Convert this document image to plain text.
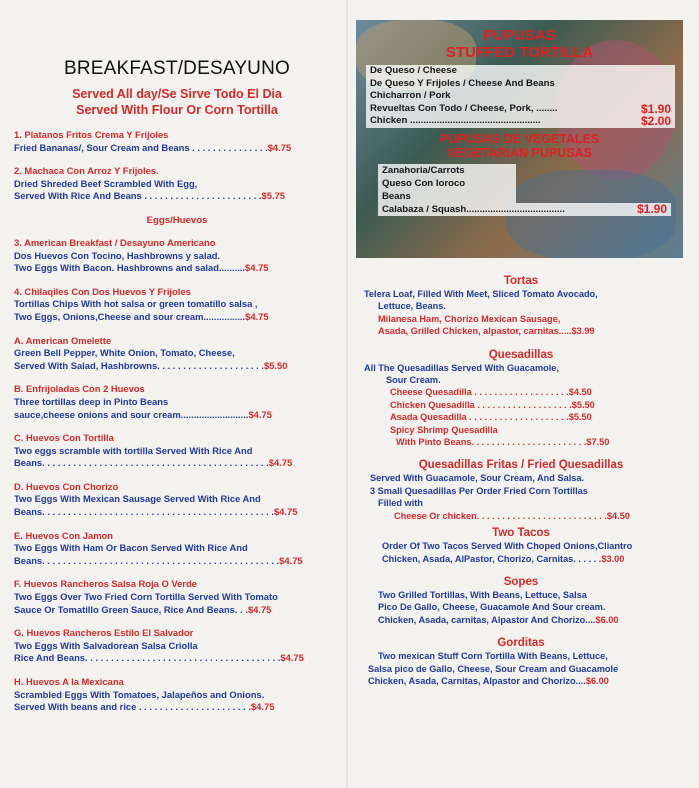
BREAKFAST/DESAYUNO
Served All day/Se Sirve Todo El Dia
Served With Flour Or Corn Tortilla
1. Platanos Fritos Crema Y Frijoles
Fried Bananas/, Sour Cream and Beans . . . . . . . . . . . . . . .$4.75
2. Machaca Con Arroz Y Frijoles.
Dried Shreded Beef Scrambled With Egg,
Served With Rice And Beans . . . . . . . . . . . . . . . . . . . . . . .$5.75
Eggs/Huevos
3. American Breakfast / Desayuno Americano
Dos Huevos Con Tocino, Hashbrowns y salad.
Two Eggs With Bacon. Hashbrowns and salad..........$4.75
4. Chilaqiles Con Dos Huevos Y Frijoles
Tortillas Chips With hot salsa or green tomatillo salsa ,
Two Eggs, Onions,Cheese and sour cream................$4.75
A. American Omelette
Green Bell Pepper, White Onion, Tomato, Cheese,
Served With Salad, Hashbrowns. . . . . . . . . . . . . . . . . . . . .$5.50
B. Enfrijoladas Con 2 Huevos
Three tortillas deep in Pinto Beans
sauce,cheese onions and sour cream..........................$4.75
C. Huevos Con Tortilla
Two eggs scramble with tortilla Served With Rice And
Beans. . . . . . . . . . . . . . . . . . . . . . . . . . . . . . . . . . . . . . . . . . . .$4.75
D. Huevos Con Chorizo
Two Eggs With Mexican Sausage Served With Rice And
Beans. . . . . . . . . . . . . . . . . . . . . . . . . . . . . . . . . . . . . . . . . . . . .$4.75
E. Huevos Con Jamon
Two Eggs With Ham Or Bacon Served With Rice And
Beans. . . . . . . . . . . . . . . . . . . . . . . . . . . . . . . . . . . . . . . . . . . . . .$4.75
F. Huevos Rancheros Salsa Roja O Verde
Two Eggs Over Two Fried Corn Tortilla Served With Tomato
Sauce Or Tomatillo Green Sauce, Rice And Beans. . .$4.75
G. Huevos Rancheros Estilo El Salvador
Two Eggs With Salvadorean Salsa Criolla
Rice And Beans. . . . . . . . . . . . . . . . . . . . . . . . . . . . . . . . . . . . . .$4.75
H. Huevos A la Mexicana
Scrambled Eggs With Tomatoes, Jalapeños and Onions.
Served With beans and rice . . . . . . . . . . . . . . . . . . . . . .$4.75
PUPUSAS
STUFFED TORTILLA
De Queso / Cheese
De Queso Y Frijoles / Cheese And Beans
Chicharron / Pork
Revueltas Con Todo / Cheese, Pork, ........	$1.90
Chicken .................................................	$2.00
PUPUSAS DE VEGETALES
VEGETARIAN PUPUSAS
Zanahoria/Carrots
Queso Con loroco
Beans
Calabaza / Squash.....................................	$1.90
Tortas
Telera Loaf, Filled With Meet, Sliced Tomato Avocado,
Lettuce, Beans.
Milanesa Ham, Chorizo Mexican Sausage,
Asada, Grilled Chicken, alpastor, carnitas.....$3.99
Quesadillas
All The Quesadillas Served With Guacamole,
Sour Cream.
Cheese Quesadilla . . . . . . . . . . . . . . . . . . .$4.50
Chicken Quesadilla . . . . . . . . . . . . . . . . . . .$5.50
Asada Quesadilla . . . . . . . . . . . . . . . . . . . .$5.50
Spicy Shrimp Quesadilla
With Pinto Beans. . . . . . . . . . . . . . . . . . . . . . .$7.50
Quesadillas Fritas / Fried Quesadillas
Served With Guacamole, Sour Cream, And Salsa.
3 Small Quesadillas Per Order Fried Corn Tortillas
Filled with
Cheese Or chicken. . . . . . . . . . . . . . . . . . . . . . . . . .$4.50
Two Tacos
Order Of Two Tacos Served With Choped Onions,Cliantro
Chicken, Asada, AlPastor, Chorizo, Carnitas. . . . . .$3.00
Sopes
Two Grilled Tortillas, With Beans, Lettuce, Salsa
Pico De Gallo, Cheese, Guacamole And Sour cream.
Chicken, Asada, carnitas, Alpastor And Chorizo....$6.00
Gorditas
Two mexican Stuff Corn Tortilla With Beans, Lettuce,
Salsa pico de Gallo, Cheese, Sour Cream and Guacamole
Chicken, Asada, Carnitas, Alpastor and Chorizo....$6.00
